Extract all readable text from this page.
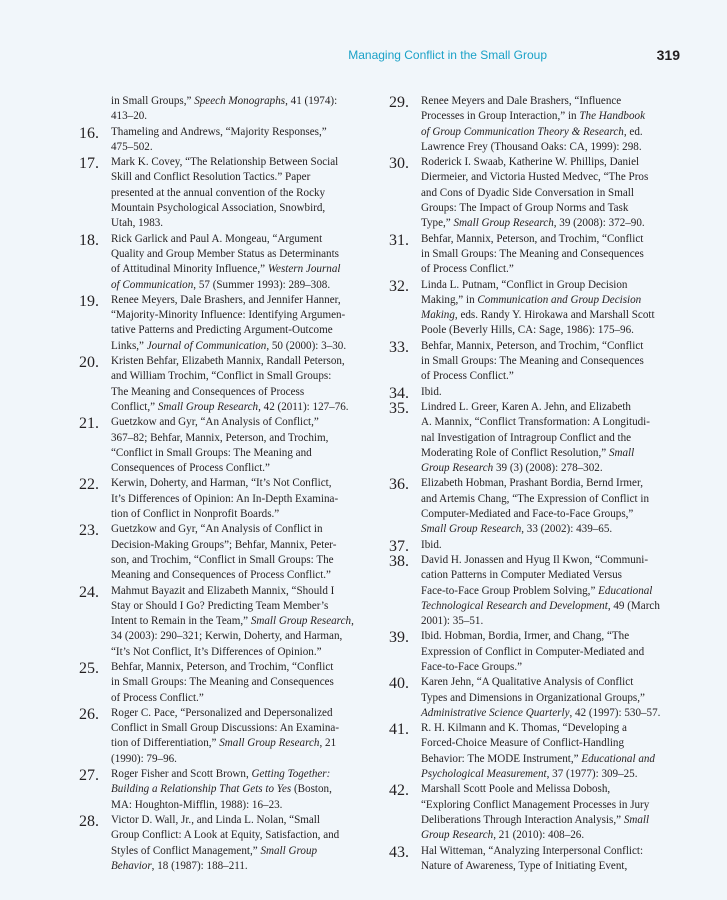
Managing Conflict in the Small Group	319
in Small Groups,” Speech Monographs, 41 (1974):
413–20.
16.	Thameling and Andrews, “Majority Responses,”
475–502.
17.	Mark K. Covey, “The Relationship Between Social
Skill and Conflict Resolution Tactics.” Paper
presented at the annual convention of the Rocky
Mountain Psychological Association, Snowbird,
Utah, 1983.
18.	Rick Garlick and Paul A. Mongeau, “Argument
Quality and Group Member Status as Determinants
of Attitudinal Minority Influence,” Western Journal
of Communication, 57 (Summer 1993): 289–308.
19.	Renee Meyers, Dale Brashers, and Jennifer Hanner,
“Majority-Minority Influence: Identifying Argumen-
tative Patterns and Predicting Argument-Outcome
Links,” Journal of Communication, 50 (2000): 3–30.
20.	Kristen Behfar, Elizabeth Mannix, Randall Peterson,
and William Trochim, “Conflict in Small Groups:
The Meaning and Consequences of Process
Conflict,” Small Group Research, 42 (2011): 127–76.
21.	Guetzkow and Gyr, “An Analysis of Conflict,”
367–82; Behfar, Mannix, Peterson, and Trochim,
“Conflict in Small Groups: The Meaning and
Consequences of Process Conflict.”
22.	Kerwin, Doherty, and Harman, “It’s Not Conflict,
It’s Differences of Opinion: An In-Depth Examina-
tion of Conflict in Nonprofit Boards.”
23.	Guetzkow and Gyr, “An Analysis of Conflict in
Decision-Making Groups”; Behfar, Mannix, Peter-
son, and Trochim, “Conflict in Small Groups: The
Meaning and Consequences of Process Conflict.”
24.	Mahmut Bayazit and Elizabeth Mannix, “Should I
Stay or Should I Go? Predicting Team Member’s
Intent to Remain in the Team,” Small Group Research,
34 (2003): 290–321; Kerwin, Doherty, and Harman,
“It’s Not Conflict, It’s Differences of Opinion.”
25.	Behfar, Mannix, Peterson, and Trochim, “Conflict
in Small Groups: The Meaning and Consequences
of Process Conflict.”
26.	Roger C. Pace, “Personalized and Depersonalized
Conflict in Small Group Discussions: An Examina-
tion of Differentiation,” Small Group Research, 21
(1990): 79–96.
27.	Roger Fisher and Scott Brown, Getting Together:
Building a Relationship That Gets to Yes (Boston,
MA: Houghton-Mifflin, 1988): 16–23.
28.	Victor D. Wall, Jr., and Linda L. Nolan, “Small
Group Conflict: A Look at Equity, Satisfaction, and
Styles of Conflict Management,” Small Group
Behavior, 18 (1987): 188–211.
29.	Renee Meyers and Dale Brashers, “Influence
Processes in Group Interaction,” in The Handbook
of Group Communication Theory & Research, ed.
Lawrence Frey (Thousand Oaks: CA, 1999): 298.
30.	Roderick I. Swaab, Katherine W. Phillips, Daniel
Diermeier, and Victoria Husted Medvec, “The Pros
and Cons of Dyadic Side Conversation in Small
Groups: The Impact of Group Norms and Task
Type,” Small Group Research, 39 (2008): 372–90.
31.	Behfar, Mannix, Peterson, and Trochim, “Conflict
in Small Groups: The Meaning and Consequences
of Process Conflict.”
32.	Linda L. Putnam, “Conflict in Group Decision
Making,” in Communication and Group Decision
Making, eds. Randy Y. Hirokawa and Marshall Scott
Poole (Beverly Hills, CA: Sage, 1986): 175–96.
33.	Behfar, Mannix, Peterson, and Trochim, “Conflict
in Small Groups: The Meaning and Consequences
of Process Conflict.”
34.	Ibid.
35.	Lindred L. Greer, Karen A. Jehn, and Elizabeth
A. Mannix, “Conflict Transformation: A Longitudi-
nal Investigation of Intragroup Conflict and the
Moderating Role of Conflict Resolution,” Small
Group Research 39 (3) (2008): 278–302.
36.	Elizabeth Hobman, Prashant Bordia, Bernd Irmer,
and Artemis Chang, “The Expression of Conflict in
Computer-Mediated and Face-to-Face Groups,”
Small Group Research, 33 (2002): 439–65.
37.	Ibid.
38.	David H. Jonassen and Hyug Il Kwon, “Communi-
cation Patterns in Computer Mediated Versus
Face-to-Face Group Problem Solving,” Educational
Technological Research and Development, 49 (March
2001): 35–51.
39.	Ibid. Hobman, Bordia, Irmer, and Chang, “The
Expression of Conflict in Computer-Mediated and
Face-to-Face Groups.”
40.	Karen Jehn, “A Qualitative Analysis of Conflict
Types and Dimensions in Organizational Groups,”
Administrative Science Quarterly, 42 (1997): 530–57.
41.	R. H. Kilmann and K. Thomas, “Developing a
Forced-Choice Measure of Conflict-Handling
Behavior: The MODE Instrument,” Educational and
Psychological Measurement, 37 (1977): 309–25.
42.	Marshall Scott Poole and Melissa Dobosh,
“Exploring Conflict Management Processes in Jury
Deliberations Through Interaction Analysis,” Small
Group Research, 21 (2010): 408–26.
43.	Hal Witteman, “Analyzing Interpersonal Conflict:
Nature of Awareness, Type of Initiating Event,
